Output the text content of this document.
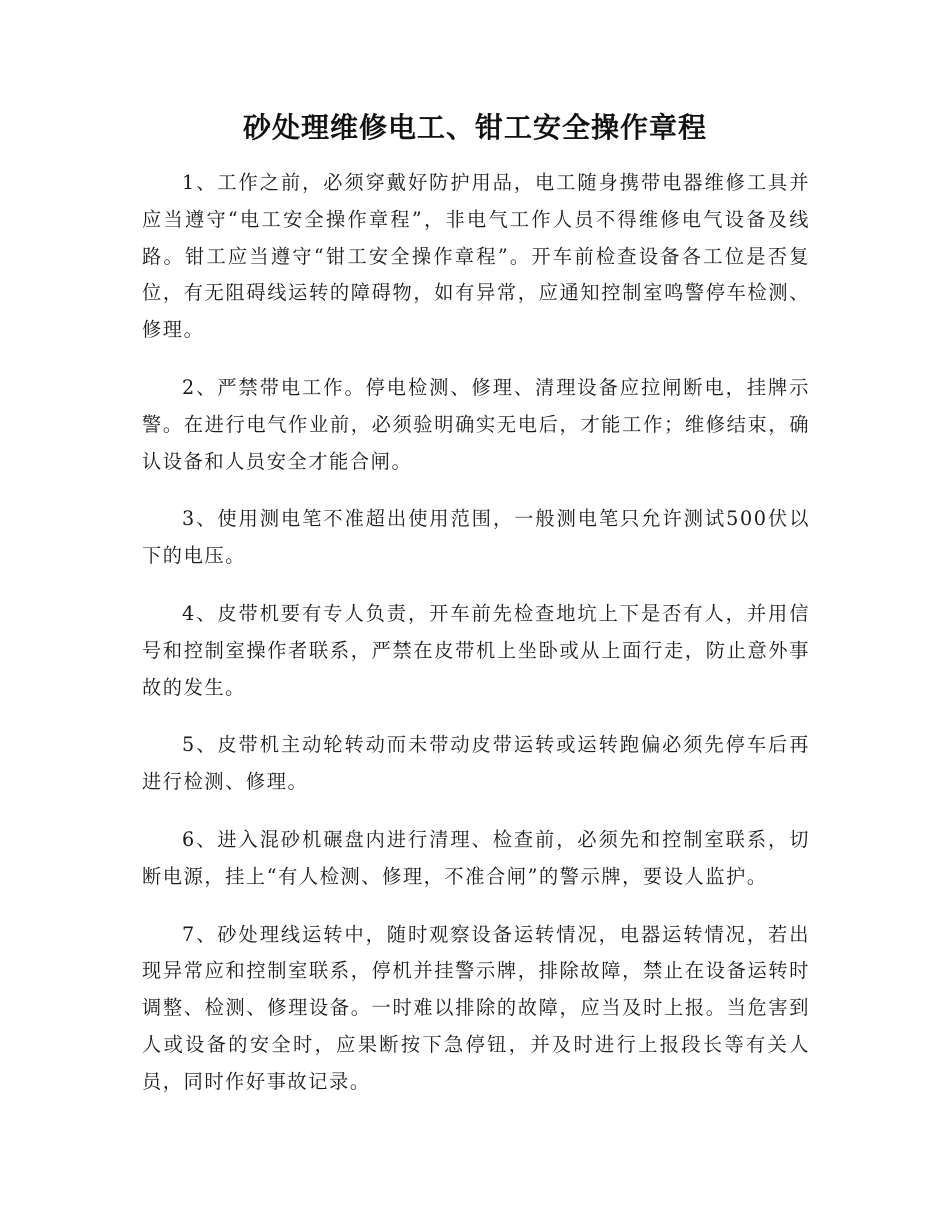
砂处理维修电工、钳工安全操作章程

1、工作之前，必须穿戴好防护用品，电工随身携带电器维修工具并应当遵守“电工安全操作章程”，非电气工作人员不得维修电气设备及线路。钳工应当遵守“钳工安全操作章程”。开车前检查设备各工位是否复位，有无阻碍线运转的障碍物，如有异常，应通知控制室鸣警停车检测、修理。

2、严禁带电工作。停电检测、修理、清理设备应拉闸断电，挂牌示警。在进行电气作业前，必须验明确实无电后，才能工作；维修结束，确认设备和人员安全才能合闸。

3、使用测电笔不准超出使用范围，一般测电笔只允许测试500伏以下的电压。

4、皮带机要有专人负责，开车前先检查地坑上下是否有人，并用信号和控制室操作者联系，严禁在皮带机上坐卧或从上面行走，防止意外事故的发生。

5、皮带机主动轮转动而未带动皮带运转或运转跑偏必须先停车后再进行检测、修理。

6、进入混砂机碾盘内进行清理、检查前，必须先和控制室联系，切断电源，挂上“有人检测、修理，不准合闸”的警示牌，要设人监护。

7、砂处理线运转中，随时观察设备运转情况，电器运转情况，若出现异常应和控制室联系，停机并挂警示牌，排除故障，禁止在设备运转时调整、检测、修理设备。一时难以排除的故障，应当及时上报。当危害到人或设备的安全时，应果断按下急停钮，并及时进行上报段长等有关人员，同时作好事故记录。
